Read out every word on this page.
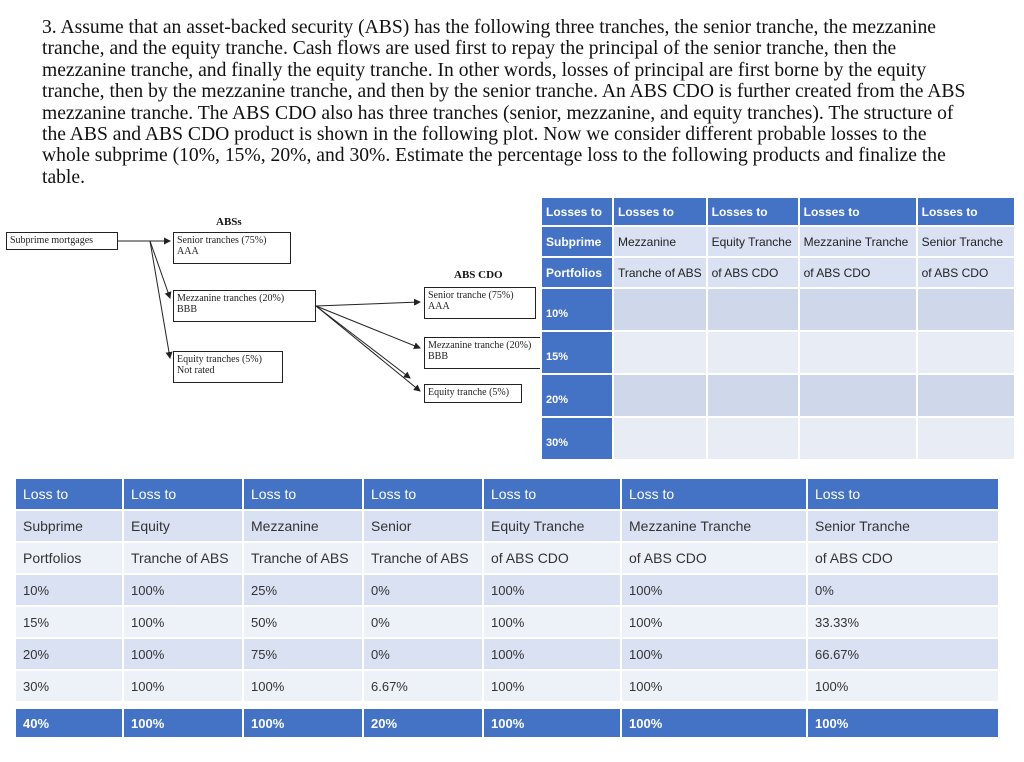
3. Assume that an asset-backed security (ABS) has the following three tranches, the senior tranche, the mezzanine tranche, and the equity tranche. Cash flows are used first to repay the principal of the senior tranche, then the mezzanine tranche, and finally the equity tranche. In other words, losses of principal are first borne by the equity tranche, then by the mezzanine tranche, and then by the senior tranche. An ABS CDO is further created from the ABS mezzanine tranche. The ABS CDO also has three tranches (senior, mezzanine, and equity tranches). The structure of the ABS and ABS CDO product is shown in the following plot. Now we consider different probable losses to the whole subprime (10%, 15%, 20%, and 30%. Estimate the percentage loss to the following products and finalize the table.
Subprime mortgages
ABSs
Senior tranches (75%)
AAA
Mezzanine tranches (20%)
BBB
Equity tranches (5%)
Not rated
ABS CDO
Senior tranche (75%)
AAA
Mezzanine tranche (20%)
BBB
Equity tranche (5%)
Losses to	Losses to	Losses to	Losses to	Losses to
Subprime	Mezzanine	Equity Tranche	Mezzanine Tranche	Senior Tranche
Portfolios	Tranche of ABS	of ABS CDO	of ABS CDO	of ABS CDO
10%				
15%				
20%				
30%				
Loss to	Loss to	Loss to	Loss to	Loss to	Loss to	Loss to
Subprime	Equity	Mezzanine	Senior	Equity Tranche	Mezzanine Tranche	Senior Tranche
Portfolios	Tranche of ABS	Tranche of ABS	Tranche of ABS	of ABS CDO	of ABS CDO	of ABS CDO
10%	100%	25%	0%	100%	100%	0%
15%	100%	50%	0%	100%	100%	33.33%
20%	100%	75%	0%	100%	100%	66.67%
30%	100%	100%	6.67%	100%	100%	100%

40%	100%	100%	20%	100%	100%	100%
